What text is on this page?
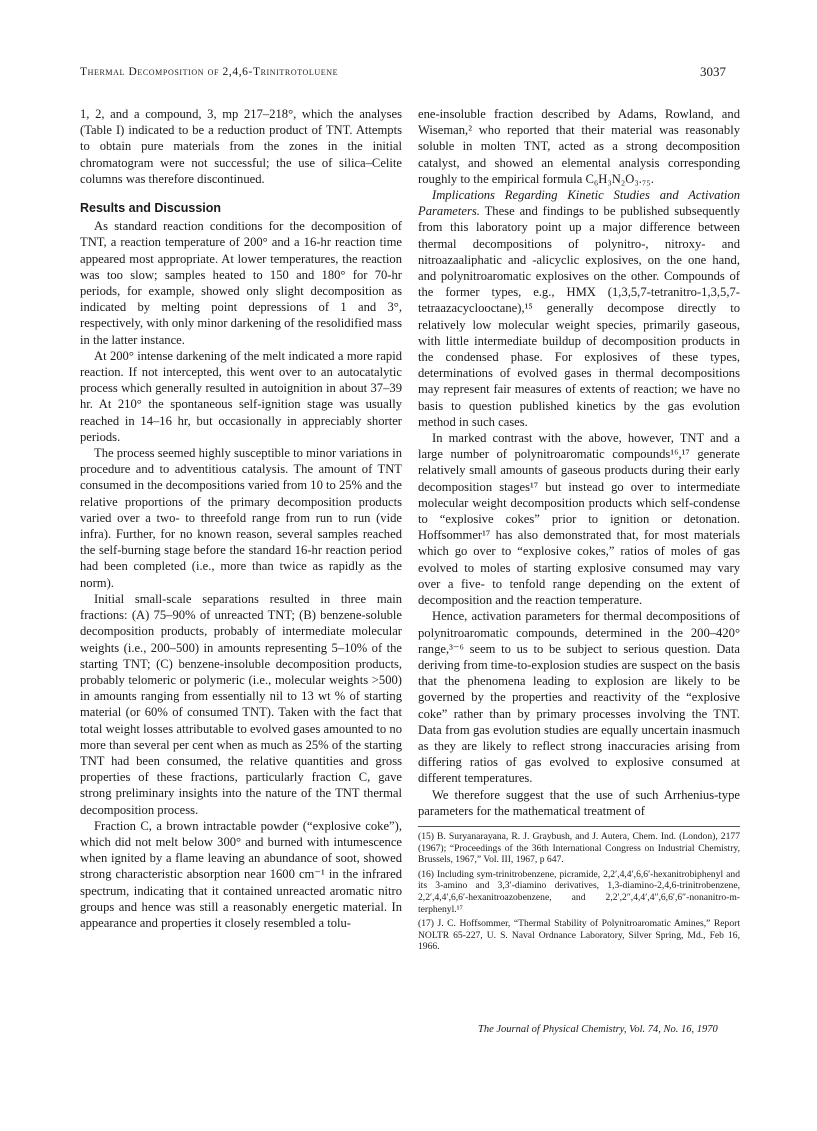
Thermal Decomposition of 2,4,6-Trinitrotoluene	3037

1, 2, and a compound, 3, mp 217–218°, which the analyses (Table I) indicated to be a reduction product of TNT. Attempts to obtain pure materials from the zones in the initial chromatogram were not successful; the use of silica–Celite columns was therefore discontinued.

Results and Discussion

As standard reaction conditions for the decomposition of TNT, a reaction temperature of 200° and a 16-hr reaction time appeared most appropriate. At lower temperatures, the reaction was too slow; samples heated to 150 and 180° for 70-hr periods, for example, showed only slight decomposition as indicated by melting point depressions of 1 and 3°, respectively, with only minor darkening of the resolidified mass in the latter instance.

At 200° intense darkening of the melt indicated a more rapid reaction. If not intercepted, this went over to an autocatalytic process which generally resulted in autoignition in about 37–39 hr. At 210° the spontaneous self-ignition stage was usually reached in 14–16 hr, but occasionally in appreciably shorter periods.

The process seemed highly susceptible to minor variations in procedure and to adventitious catalysis. The amount of TNT consumed in the decompositions varied from 10 to 25% and the relative proportions of the primary decomposition products varied over a two- to threefold range from run to run (vide infra). Further, for no known reason, several samples reached the self-burning stage before the standard 16-hr reaction period had been completed (i.e., more than twice as rapidly as the norm).

Initial small-scale separations resulted in three main fractions: (A) 75–90% of unreacted TNT; (B) benzene-soluble decomposition products, probably of intermediate molecular weights (i.e., 200–500) in amounts representing 5–10% of the starting TNT; (C) benzene-insoluble decomposition products, probably telomeric or polymeric (i.e., molecular weights >500) in amounts ranging from essentially nil to 13 wt % of starting material (or 60% of consumed TNT). Taken with the fact that total weight losses attributable to evolved gases amounted to no more than several per cent when as much as 25% of the starting TNT had been consumed, the relative quantities and gross properties of these fractions, particularly fraction C, gave strong preliminary insights into the nature of the TNT thermal decomposition process.

Fraction C, a brown intractable powder (“explosive coke”), which did not melt below 300° and burned with intumescence when ignited by a flame leaving an abundance of soot, showed strong characteristic absorption near 1600 cm⁻¹ in the infrared spectrum, indicating that it contained unreacted aromatic nitro groups and hence was still a reasonably energetic material. In appearance and properties it closely resembled a tolu-

ene-insoluble fraction described by Adams, Rowland, and Wiseman,² who reported that their material was reasonably soluble in molten TNT, acted as a strong decomposition catalyst, and showed an elemental analysis corresponding roughly to the empirical formula C₆H₃N₂O₃.₇₅.

Implications Regarding Kinetic Studies and Activation Parameters. These and findings to be published subsequently from this laboratory point up a major difference between thermal decompositions of polynitro-, nitroxy- and nitroazaaliphatic and -alicyclic explosives, on the one hand, and polynitroaromatic explosives on the other. Compounds of the former types, e.g., HMX (1,3,5,7-tetranitro-1,3,5,7-tetraazacyclooctane),¹⁵ generally decompose directly to relatively low molecular weight species, primarily gaseous, with little intermediate buildup of decomposition products in the condensed phase. For explosives of these types, determinations of evolved gases in thermal decompositions may represent fair measures of extents of reaction; we have no basis to question published kinetics by the gas evolution method in such cases.

In marked contrast with the above, however, TNT and a large number of polynitroaromatic compounds¹⁶,¹⁷ generate relatively small amounts of gaseous products during their early decomposition stages¹⁷ but instead go over to intermediate molecular weight decomposition products which self-condense to “explosive cokes” prior to ignition or detonation. Hoffsommer¹⁷ has also demonstrated that, for most materials which go over to “explosive cokes,” ratios of moles of gas evolved to moles of starting explosive consumed may vary over a five- to tenfold range depending on the extent of decomposition and the reaction temperature.

Hence, activation parameters for thermal decompositions of polynitroaromatic compounds, determined in the 200–420° range,³⁻⁶ seem to us to be subject to serious question. Data deriving from time-to-explosion studies are suspect on the basis that the phenomena leading to explosion are likely to be governed by the properties and reactivity of the “explosive coke” rather than by primary processes involving the TNT. Data from gas evolution studies are equally uncertain inasmuch as they are likely to reflect strong inaccuracies arising from differing ratios of gas evolved to explosive consumed at different temperatures.

We therefore suggest that the use of such Arrhenius-type parameters for the mathematical treatment of

(15) B. Suryanarayana, R. J. Graybush, and J. Autera, Chem. Ind. (London), 2177 (1967); “Proceedings of the 36th International Congress on Industrial Chemistry, Brussels, 1967,” Vol. III, 1967, p 647.

(16) Including sym-trinitrobenzene, picramide, 2,2′,4,4′,6,6′-hexanitrobiphenyl and its 3-amino and 3,3′-diamino derivatives, 1,3-diamino-2,4,6-trinitrobenzene, 2,2′,4,4′,6,6′-hexanitroazobenzene, and 2,2′,2″,4,4′,4″,6,6′,6″-nonanitro-m-terphenyl.¹⁷

(17) J. C. Hoffsommer, “Thermal Stability of Polynitroaromatic Amines,” Report NOLTR 65-227, U. S. Naval Ordnance Laboratory, Silver Spring, Md., Feb 16, 1966.

The Journal of Physical Chemistry, Vol. 74, No. 16, 1970
